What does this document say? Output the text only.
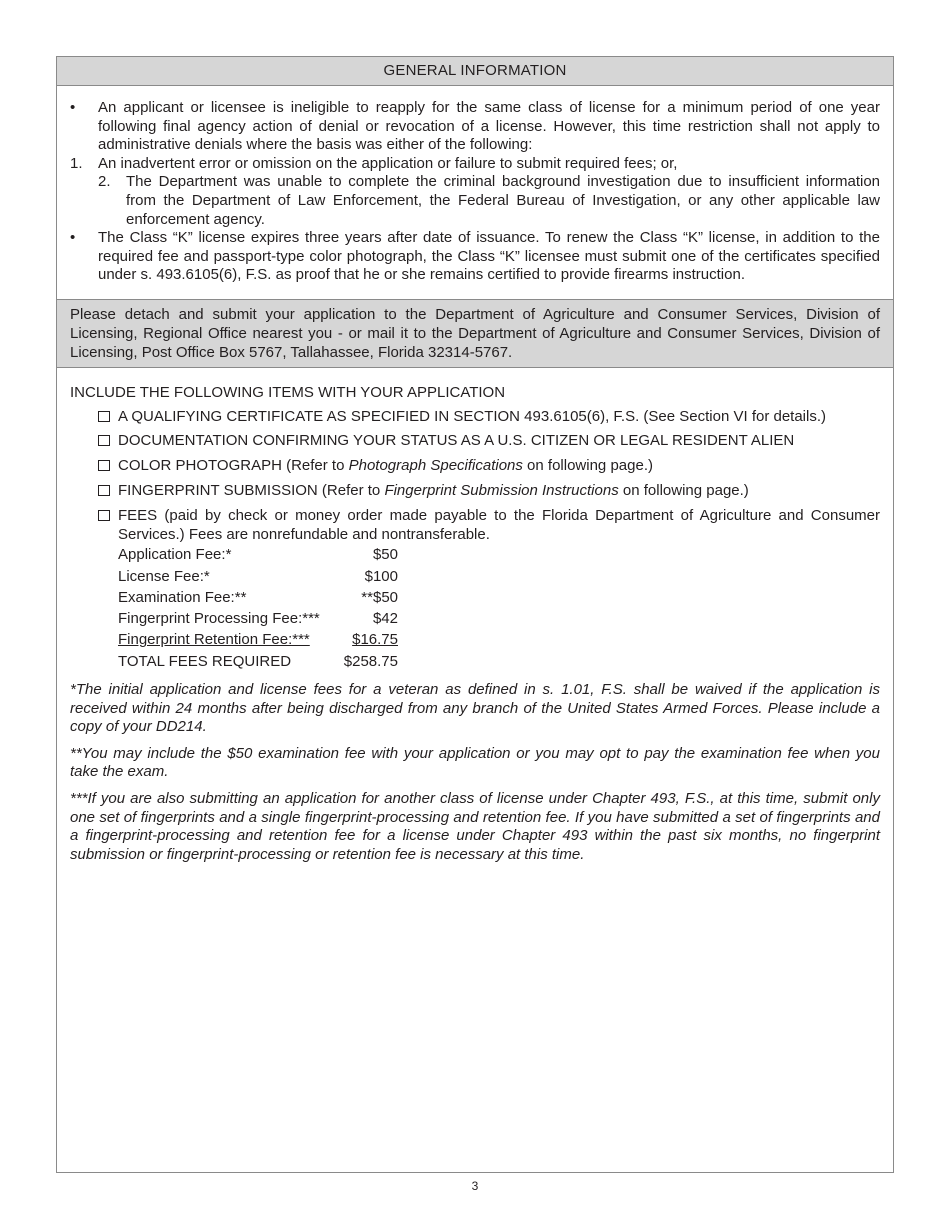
GENERAL INFORMATION
• An applicant or licensee is ineligible to reapply for the same class of license for a minimum period of one year following final agency action of denial or revocation of a license. However, this time restriction shall not apply to administrative denials where the basis was either of the following:
1. An inadvertent error or omission on the application or failure to submit required fees; or,
2. The Department was unable to complete the criminal background investigation due to insufficient information from the Department of Law Enforcement, the Federal Bureau of Investigation, or any other applicable law enforcement agency.
• The Class “K” license expires three years after date of issuance. To renew the Class “K” license, in addition to the required fee and passport-type color photograph, the Class “K” licensee must submit one of the certificates specified under s. 493.6105(6), F.S. as proof that he or she remains certified to provide firearms instruction.
Please detach and submit your application to the Department of Agriculture and Consumer Services, Division of Licensing, Regional Office nearest you - or mail it to the Department of Agriculture and Consumer Services, Division of Licensing, Post Office Box 5767, Tallahassee, Florida 32314-5767.
INCLUDE THE FOLLOWING ITEMS WITH YOUR APPLICATION
A QUALIFYING CERTIFICATE AS SPECIFIED IN SECTION 493.6105(6), F.S. (See Section VI for details.)
DOCUMENTATION CONFIRMING YOUR STATUS AS A U.S. CITIZEN OR LEGAL RESIDENT ALIEN
COLOR PHOTOGRAPH (Refer to Photograph Specifications on following page.)
FINGERPRINT SUBMISSION (Refer to Fingerprint Submission Instructions on following page.)
FEES (paid by check or money order made payable to the Florida Department of Agriculture and Consumer Services.) Fees are nonrefundable and nontransferable.
Application Fee:*	$50
License Fee:*	$100
Examination Fee:**	**$50
Fingerprint Processing Fee:***	$42
Fingerprint Retention Fee:***	$16.75
TOTAL FEES REQUIRED	$258.75
*The initial application and license fees for a veteran as defined in s. 1.01, F.S. shall be waived if the application is received within 24 months after being discharged from any branch of the United States Armed Forces. Please include a copy of your DD214.
**You may include the $50 examination fee with your application or you may opt to pay the examination fee when you take the exam.
***If you are also submitting an application for another class of license under Chapter 493, F.S., at this time, submit only one set of fingerprints and a single fingerprint-processing and retention fee. If you have submitted a set of fingerprints and a fingerprint-processing and retention fee for a license under Chapter 493 within the past six months, no fingerprint submission or fingerprint-processing or retention fee is necessary at this time.
3
